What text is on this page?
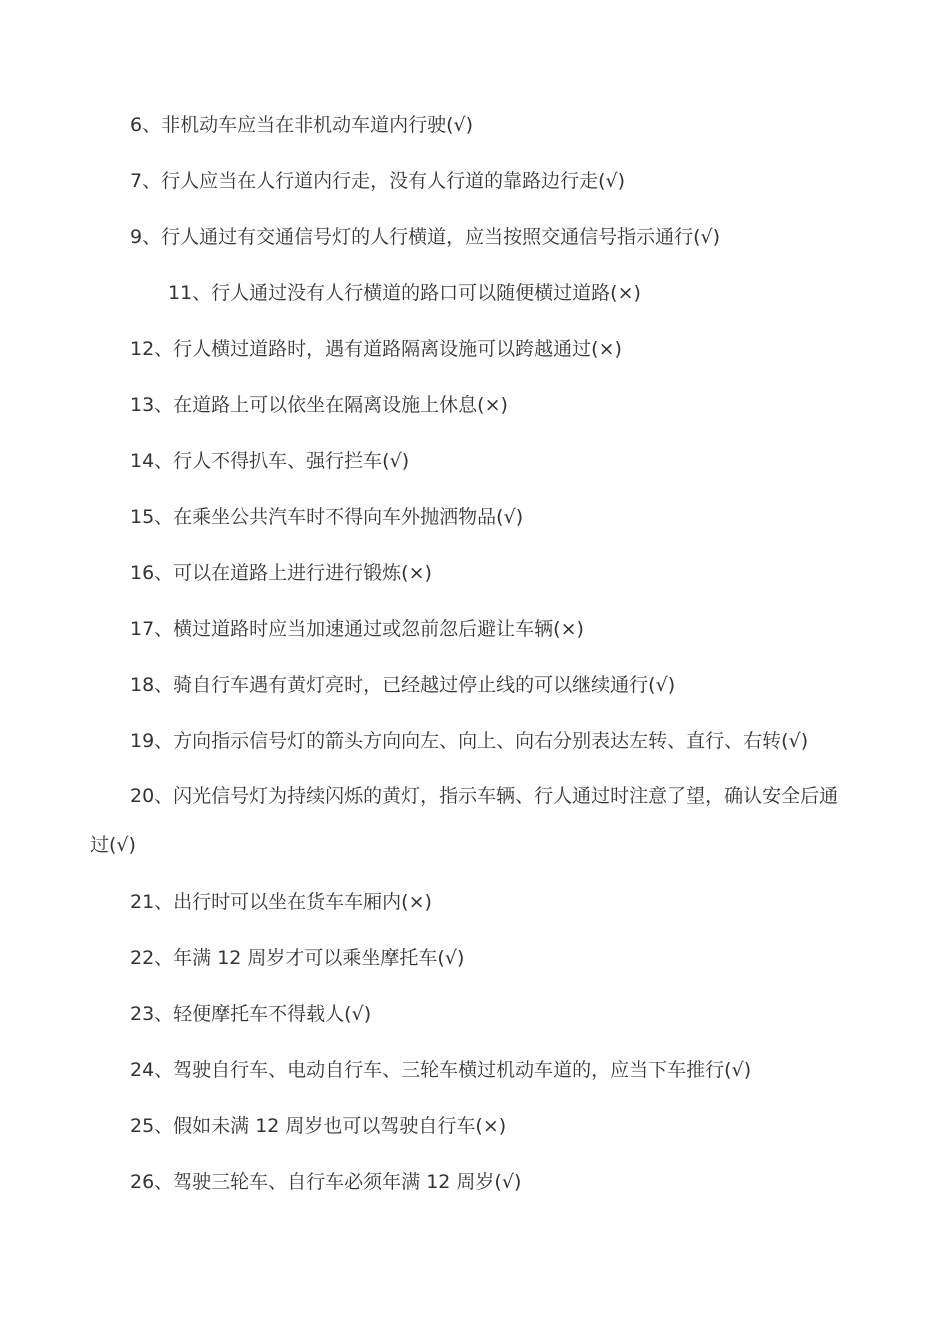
6、非机动车应当在非机动车道内行驶(√)
7、行人应当在人行道内行走，没有人行道的靠路边行走(√)
9、行人通过有交通信号灯的人行横道，应当按照交通信号指示通行(√)
11、行人通过没有人行横道的路口可以随便横过道路(×)
12、行人横过道路时，遇有道路隔离设施可以跨越通过(×)
13、在道路上可以依坐在隔离设施上休息(×)
14、行人不得扒车、强行拦车(√)
15、在乘坐公共汽车时不得向车外抛洒物品(√)
16、可以在道路上进行进行锻炼(×)
17、横过道路时应当加速通过或忽前忽后避让车辆(×)
18、骑自行车遇有黄灯亮时，已经越过停止线的可以继续通行(√)
19、方向指示信号灯的箭头方向向左、向上、向右分别表达左转、直行、右转(√)
20、闪光信号灯为持续闪烁的黄灯，指示车辆、行人通过时注意了望，确认安全后通过(√)
21、出行时可以坐在货车车厢内(×)
22、年满 12 周岁才可以乘坐摩托车(√)
23、轻便摩托车不得载人(√)
24、驾驶自行车、电动自行车、三轮车横过机动车道的，应当下车推行(√)
25、假如未满 12 周岁也可以驾驶自行车(×)
26、驾驶三轮车、自行车必须年满 12 周岁(√)
